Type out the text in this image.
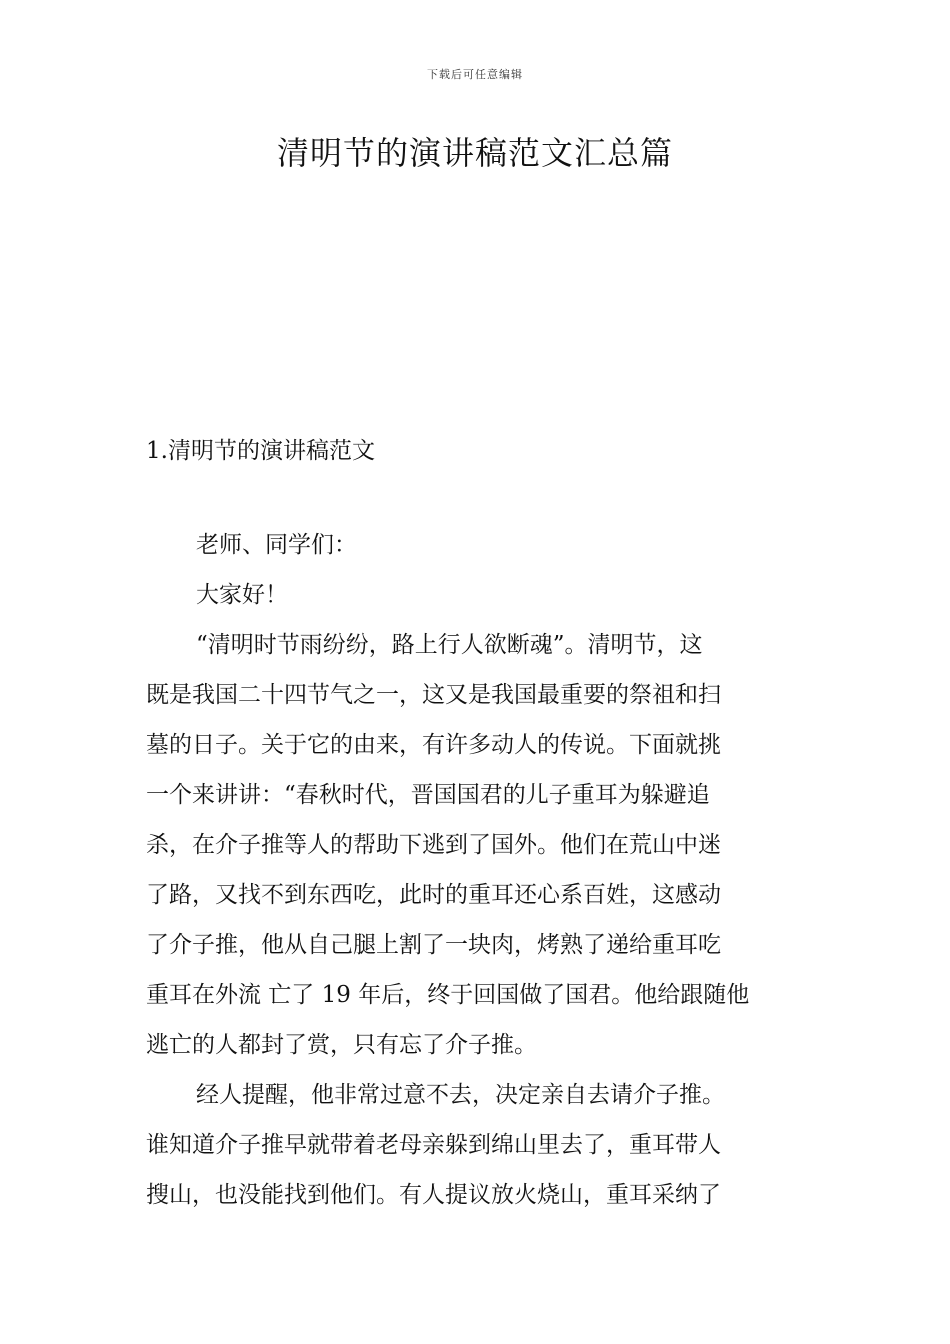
下载后可任意编辑
清明节的演讲稿范文汇总篇
1.清明节的演讲稿范文
老师、同学们：
大家好！
“清明时节雨纷纷，路上行人欲断魂”。清明节，这
既是我国二十四节气之一，这又是我国最重要的祭祖和扫
墓的日子。关于它的由来，有许多动人的传说。下面就挑
一个来讲讲：“春秋时代，晋国国君的儿子重耳为躲避追
杀，在介子推等人的帮助下逃到了国外。他们在荒山中迷
了路，又找不到东西吃，此时的重耳还心系百姓，这感动
了介子推，他从自己腿上割了一块肉，烤熟了递给重耳吃
重耳在外流 亡了 19 年后，终于回国做了国君。他给跟随他
逃亡的人都封了赏，只有忘了介子推。
经人提醒，他非常过意不去，决定亲自去请介子推。
谁知道介子推早就带着老母亲躲到绵山里去了，重耳带人
搜山，也没能找到他们。有人提议放火烧山，重耳采纳了
